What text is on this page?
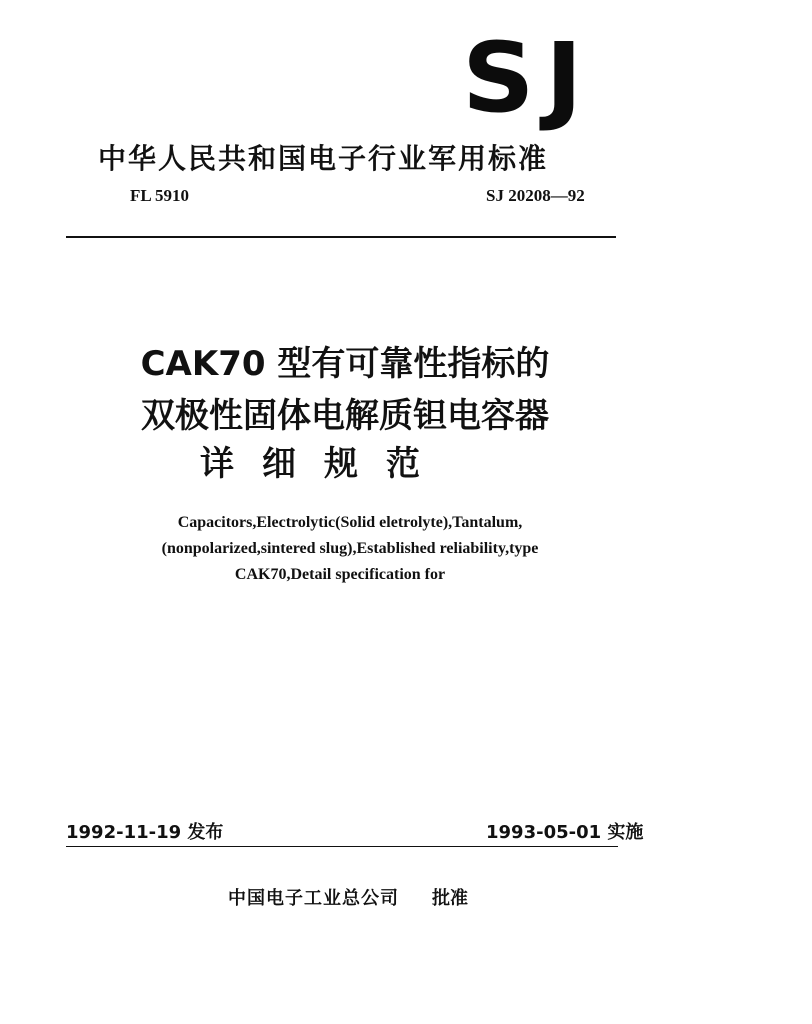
SJ
中华人民共和国电子行业军用标准
FL 5910	SJ 20208—92
CAK70 型有可靠性指标的
双极性固体电解质钽电容器
详细规范
Capacitors,Electrolytic(Solid eletrolyte),Tantalum,
(nonpolarized,sintered slug),Established reliability,type
CAK70,Detail specification for
1992-11-19 发布	1993-05-01 实施
中国电子工业总公司 批准
